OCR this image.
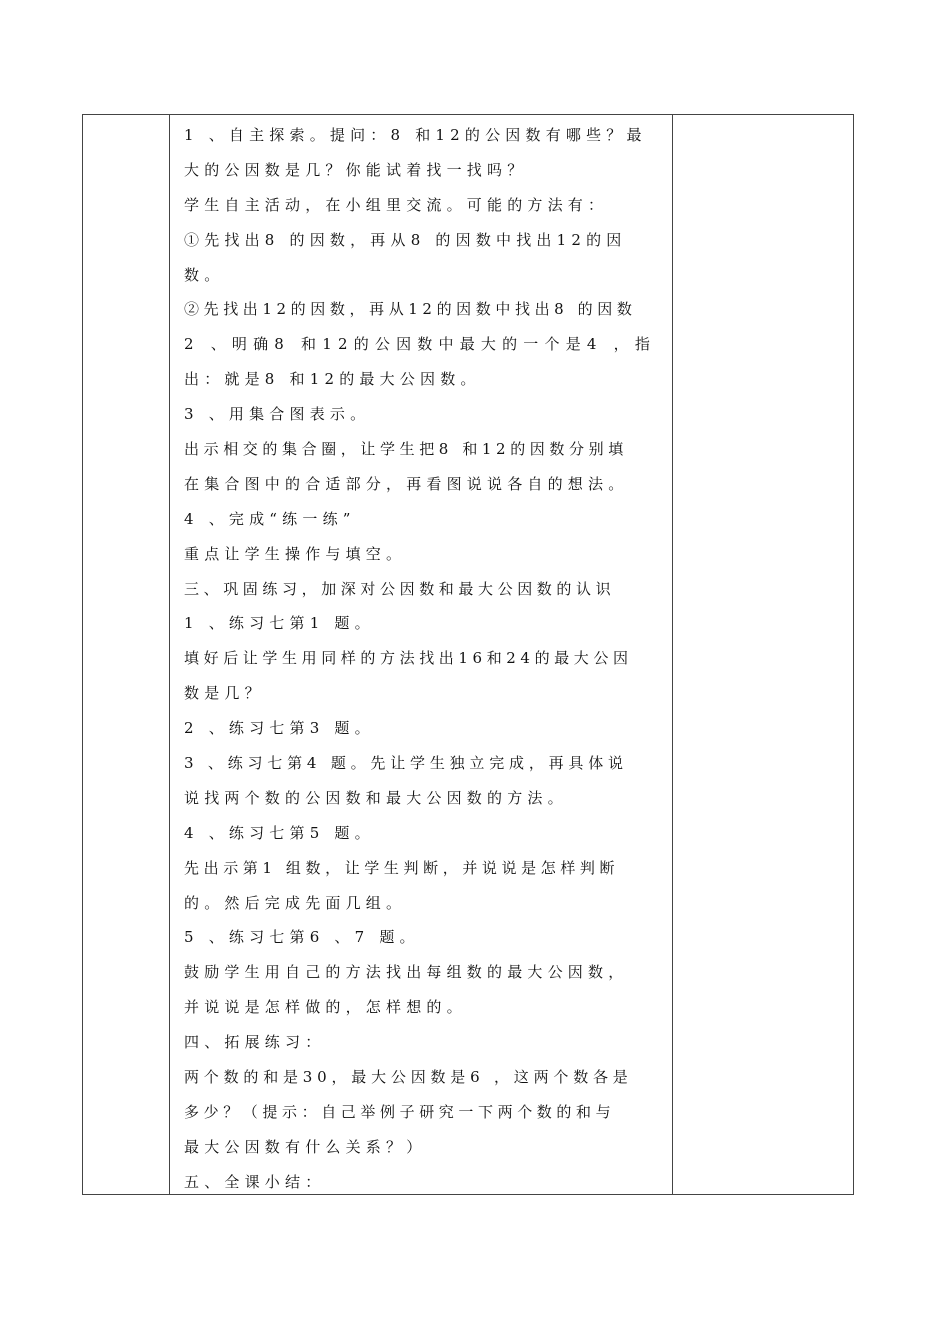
1 、自主探索。提问：8 和12的公因数有哪些？最
大的公因数是几？你能试着找一找吗？
学生自主活动，在小组里交流。可能的方法有：
①先找出8 的因数，再从8 的因数中找出12的因
数。
②先找出12的因数，再从12的因数中找出8 的因数
2 、明确8 和12的公因数中最大的一个是4 ，指
出：就是8 和12的最大公因数。
3 、用集合图表示。
出示相交的集合圈，让学生把8 和12的因数分别填
在集合图中的合适部分，再看图说说各自的想法。
4 、完成“练一练”
重点让学生操作与填空。
三、巩固练习，加深对公因数和最大公因数的认识
1 、练习七第1 题。
填好后让学生用同样的方法找出16和24的最大公因
数是几？
2 、练习七第3 题。
3 、练习七第4 题。先让学生独立完成，再具体说
说找两个数的公因数和最大公因数的方法。
4 、练习七第5 题。
先出示第1 组数，让学生判断，并说说是怎样判断
的。然后完成先面几组。
5 、练习七第6 、7 题。
鼓励学生用自己的方法找出每组数的最大公因数，
并说说是怎样做的，怎样想的。
四、拓展练习：
两个数的和是30，最大公因数是6 ，这两个数各是
多少？（提示：自己举例子研究一下两个数的和与
最大公因数有什么关系？）
五、全课小结：
